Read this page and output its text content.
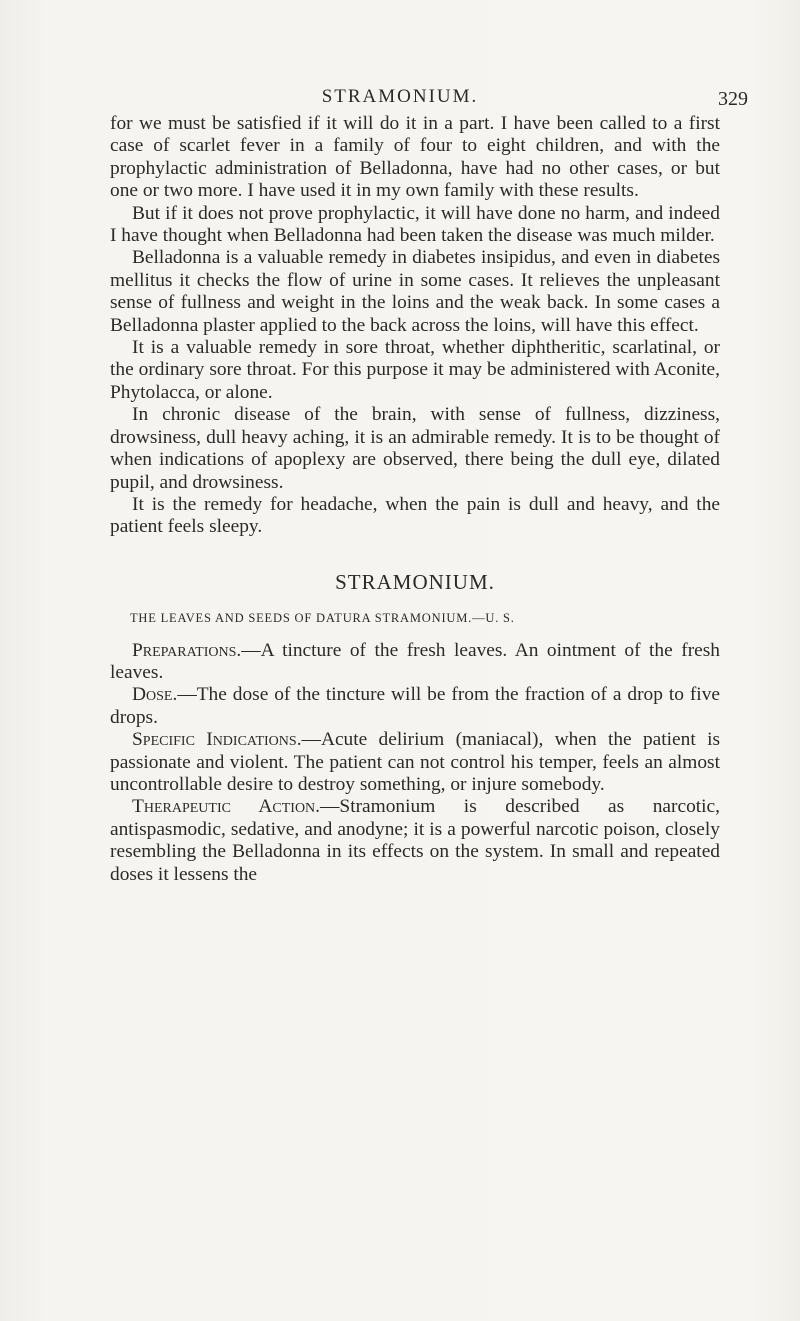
STRAMONIUM.	329

for we must be satisfied if it will do it in a part. I have been called to a first case of scarlet fever in a family of four to eight children, and with the prophylactic administration of Belladonna, have had no other cases, or but one or two more. I have used it in my own family with these results.

But if it does not prove prophylactic, it will have done no harm, and indeed I have thought when Belladonna had been taken the disease was much milder.

Belladonna is a valuable remedy in diabetes insipidus, and even in diabetes mellitus it checks the flow of urine in some cases. It relieves the unpleasant sense of fullness and weight in the loins and the weak back. In some cases a Belladonna plaster applied to the back across the loins, will have this effect.

It is a valuable remedy in sore throat, whether diphtheritic, scarlatinal, or the ordinary sore throat. For this purpose it may be administered with Aconite, Phytolacca, or alone.

In chronic disease of the brain, with sense of fullness, dizziness, drowsiness, dull heavy aching, it is an admirable remedy. It is to be thought of when indications of apoplexy are observed, there being the dull eye, dilated pupil, and drowsiness.

It is the remedy for headache, when the pain is dull and heavy, and the patient feels sleepy.

STRAMONIUM.
THE LEAVES AND SEEDS OF DATURA STRAMONIUM.—U. S.

Preparations.—A tincture of the fresh leaves. An ointment of the fresh leaves.

Dose.—The dose of the tincture will be from the fraction of a drop to five drops.

Specific Indications.—Acute delirium (maniacal), when the patient is passionate and violent. The patient can not control his temper, feels an almost uncontrollable desire to destroy something, or injure somebody.

Therapeutic Action.—Stramonium is described as narcotic, antispasmodic, sedative, and anodyne; it is a powerful narcotic poison, closely resembling the Belladonna in its effects on the system. In small and repeated doses it lessens the
